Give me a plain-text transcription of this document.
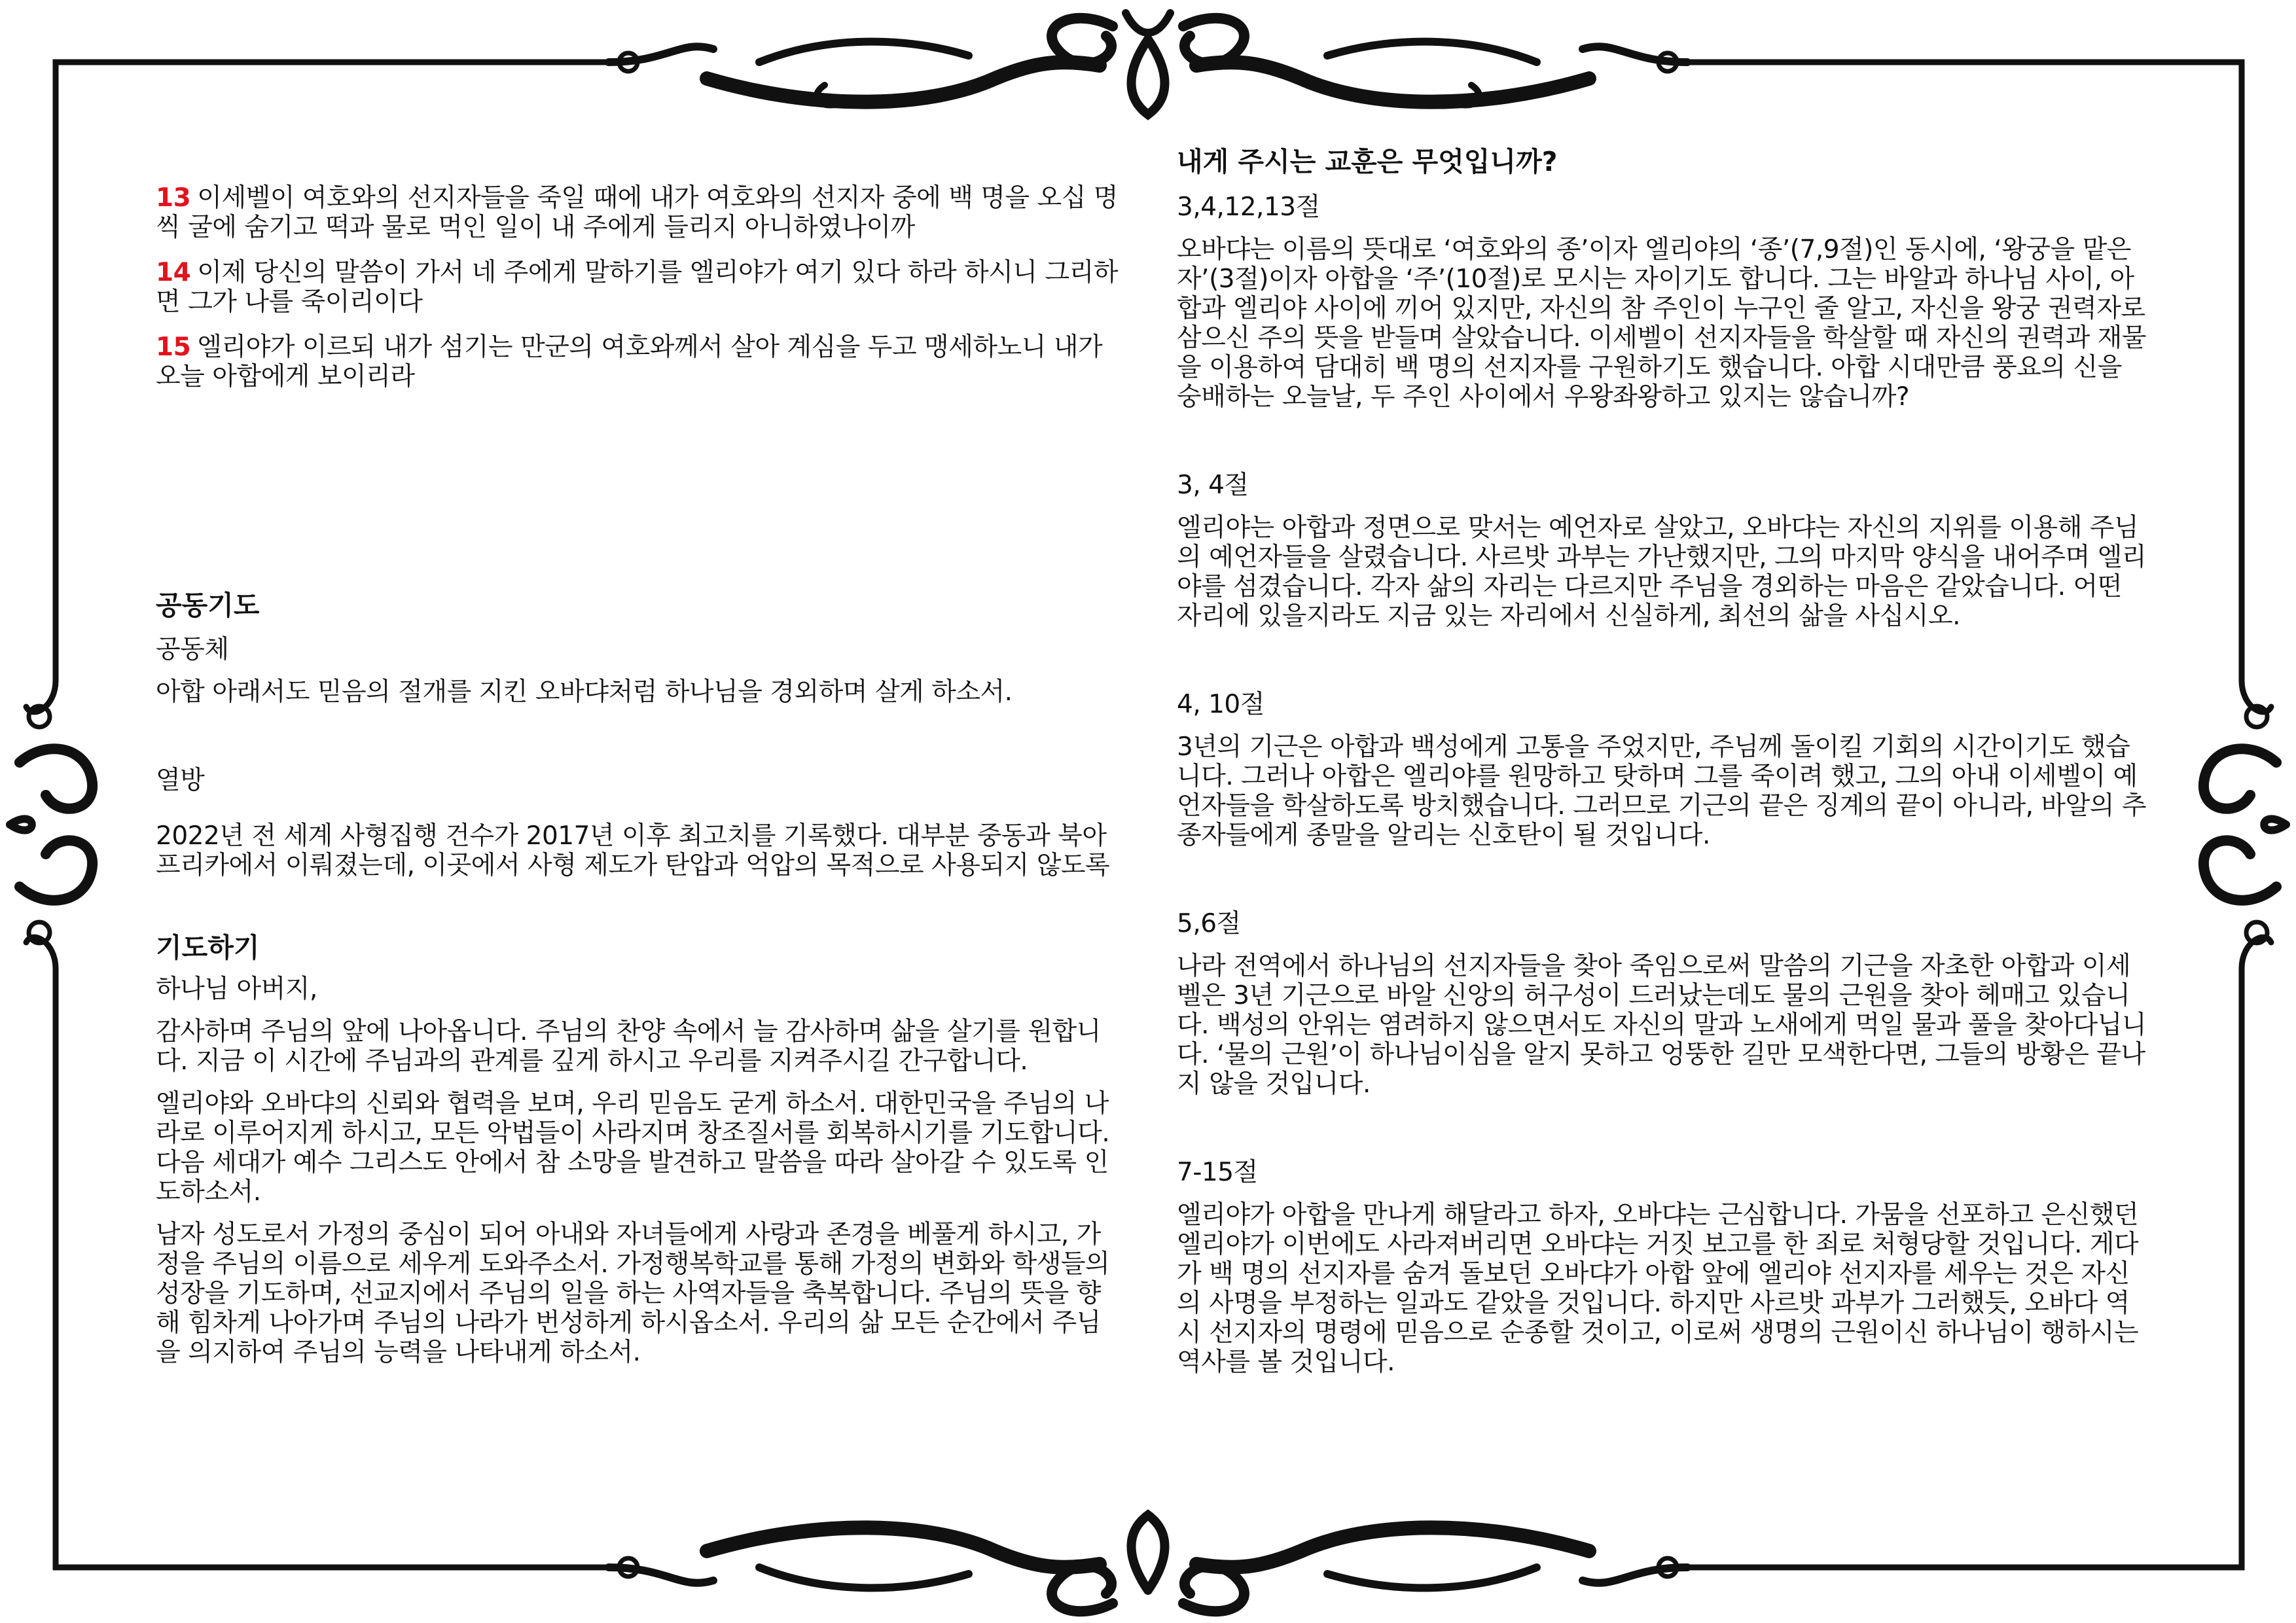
13 이세벨이 여호와의 선지자들을 죽일 때에 내가 여호와의 선지자 중에 백 명을 오십 명씩 굴에 숨기고 떡과 물로 먹인 일이 내 주에게 들리지 아니하였나이까

14 이제 당신의 말씀이 가서 네 주에게 말하기를 엘리야가 여기 있다 하라 하시니 그리하면 그가 나를 죽이리이다

15 엘리야가 이르되 내가 섬기는 만군의 여호와께서 살아 계심을 두고 맹세하노니 내가 오늘 아합에게 보이리라

공동기도

공동체

아합 아래서도 믿음의 절개를 지킨 오바댜처럼 하나님을 경외하며 살게 하소서.

열방

2022년 전 세계 사형집행 건수가 2017년 이후 최고치를 기록했다. 대부분 중동과 북아프리카에서 이뤄졌는데, 이곳에서 사형 제도가 탄압과 억압의 목적으로 사용되지 않도록

기도하기

하나님 아버지,

감사하며 주님의 앞에 나아옵니다. 주님의 찬양 속에서 늘 감사하며 삶을 살기를 원합니다. 지금 이 시간에 주님과의 관계를 깊게 하시고 우리를 지켜주시길 간구합니다.

엘리야와 오바댜의 신뢰와 협력을 보며, 우리 믿음도 굳게 하소서. 대한민국을 주님의 나라로 이루어지게 하시고, 모든 악법들이 사라지며 창조질서를 회복하시기를 기도합니다. 다음 세대가 예수 그리스도 안에서 참 소망을 발견하고 말씀을 따라 살아갈 수 있도록 인도하소서.

남자 성도로서 가정의 중심이 되어 아내와 자녀들에게 사랑과 존경을 베풀게 하시고, 가정을 주님의 이름으로 세우게 도와주소서. 가정행복학교를 통해 가정의 변화와 학생들의 성장을 기도하며, 선교지에서 주님의 일을 하는 사역자들을 축복합니다. 주님의 뜻을 향해 힘차게 나아가며 주님의 나라가 번성하게 하시옵소서. 우리의 삶 모든 순간에서 주님을 의지하여 주님의 능력을 나타내게 하소서.

내게 주시는 교훈은 무엇입니까?

3,4,12,13절

오바댜는 이름의 뜻대로 ‘여호와의 종’이자 엘리야의 ‘종’(7,9절)인 동시에, ‘왕궁을 맡은 자’(3절)이자 아합을 ‘주’(10절)로 모시는 자이기도 합니다. 그는 바알과 하나님 사이, 아합과 엘리야 사이에 끼어 있지만, 자신의 참 주인이 누구인 줄 알고, 자신을 왕궁 권력자로 삼으신 주의 뜻을 받들며 살았습니다. 이세벨이 선지자들을 학살할 때 자신의 권력과 재물을 이용하여 담대히 백 명의 선지자를 구원하기도 했습니다. 아합 시대만큼 풍요의 신을 숭배하는 오늘날, 두 주인 사이에서 우왕좌왕하고 있지는 않습니까?

3, 4절

엘리야는 아합과 정면으로 맞서는 예언자로 살았고, 오바댜는 자신의 지위를 이용해 주님의 예언자들을 살렸습니다. 사르밧 과부는 가난했지만, 그의 마지막 양식을 내어주며 엘리야를 섬겼습니다. 각자 삶의 자리는 다르지만 주님을 경외하는 마음은 같았습니다. 어떤 자리에 있을지라도 지금 있는 자리에서 신실하게, 최선의 삶을 사십시오.

4, 10절

3년의 기근은 아합과 백성에게 고통을 주었지만, 주님께 돌이킬 기회의 시간이기도 했습니다. 그러나 아합은 엘리야를 원망하고 탓하며 그를 죽이려 했고, 그의 아내 이세벨이 예언자들을 학살하도록 방치했습니다. 그러므로 기근의 끝은 징계의 끝이 아니라, 바알의 추종자들에게 종말을 알리는 신호탄이 될 것입니다.

5,6절

나라 전역에서 하나님의 선지자들을 찾아 죽임으로써 말씀의 기근을 자초한 아합과 이세벨은 3년 기근으로 바알 신앙의 허구성이 드러났는데도 물의 근원을 찾아 헤매고 있습니다. 백성의 안위는 염려하지 않으면서도 자신의 말과 노새에게 먹일 물과 풀을 찾아다닙니다. ‘물의 근원’이 하나님이심을 알지 못하고 엉뚱한 길만 모색한다면, 그들의 방황은 끝나지 않을 것입니다.

7-15절

엘리야가 아합을 만나게 해달라고 하자, 오바댜는 근심합니다. 가뭄을 선포하고 은신했던 엘리야가 이번에도 사라져버리면 오바댜는 거짓 보고를 한 죄로 처형당할 것입니다. 게다가 백 명의 선지자를 숨겨 돌보던 오바댜가 아합 앞에 엘리야 선지자를 세우는 것은 자신의 사명을 부정하는 일과도 같았을 것입니다. 하지만 사르밧 과부가 그러했듯, 오바다 역시 선지자의 명령에 믿음으로 순종할 것이고, 이로써 생명의 근원이신 하나님이 행하시는 역사를 볼 것입니다.
